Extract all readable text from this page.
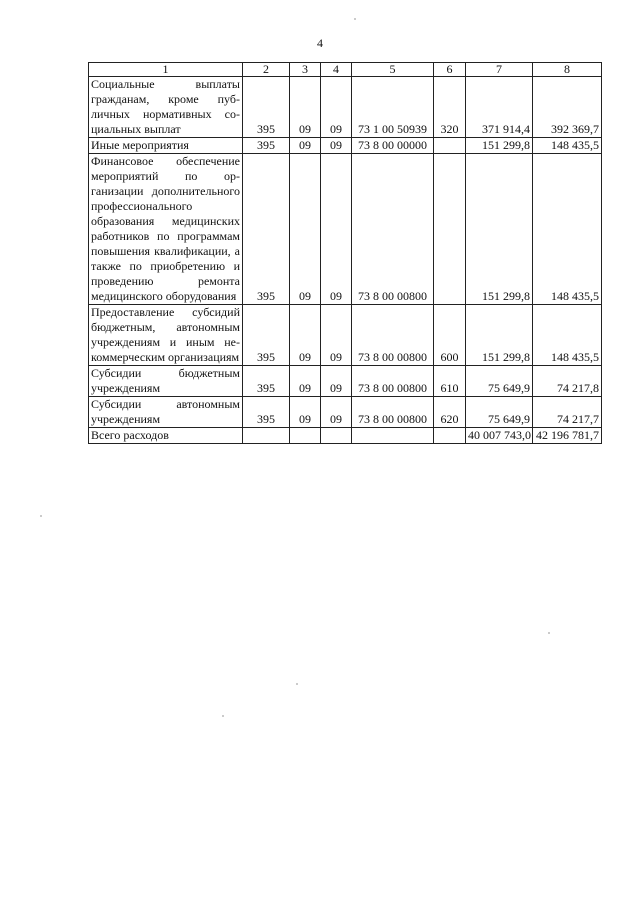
4
1	2	3	4	5	6	7	8
Социальные выплаты гражданам, кроме публичных нормативных социальных выплат	395	09	09	73 1 00 50939	320	371 914,4	392 369,7
Иные мероприятия	395	09	09	73 8 00 00000		151 299,8	148 435,5
Финансовое обеспечение мероприятий по организации дополнительного профессионального образования медицинских работников по программам повышения квалификации, а также по приобретению и проведению ремонта медицинского оборудования	395	09	09	73 8 00 00800		151 299,8	148 435,5
Предоставление субсидий бюджетным, автономным учреждениям и иным некоммерческим организациям	395	09	09	73 8 00 00800	600	151 299,8	148 435,5
Субсидии бюджетным учреждениям	395	09	09	73 8 00 00800	610	75 649,9	74 217,8
Субсидии автономным учреждениям	395	09	09	73 8 00 00800	620	75 649,9	74 217,7
Всего расходов						40 007 743,0	42 196 781,7
